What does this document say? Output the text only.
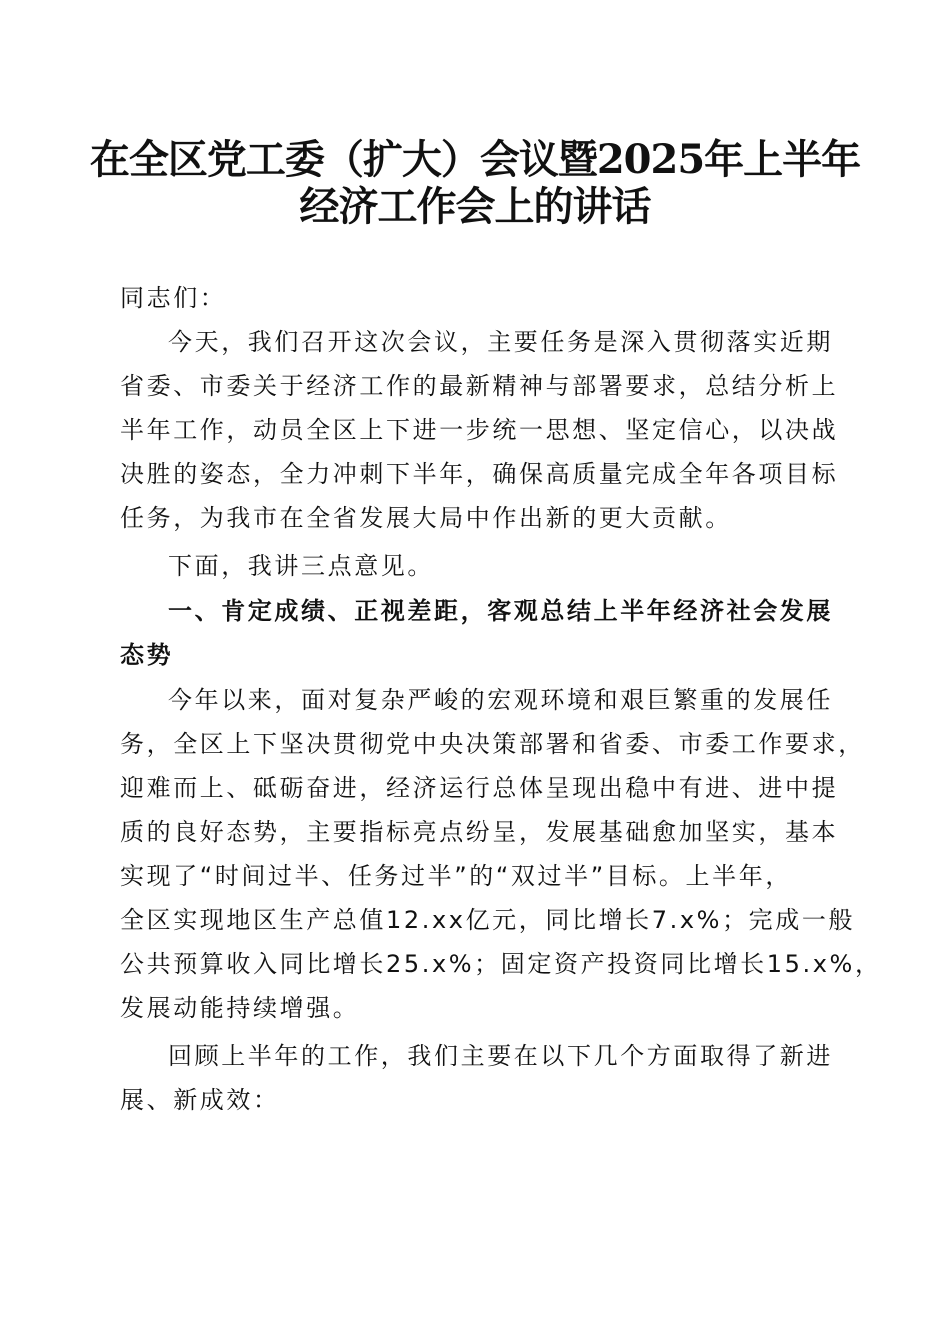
在全区党工委（扩大）会议暨2025年上半年
经济工作会上的讲话
同志们：
今天，我们召开这次会议，主要任务是深入贯彻落实近期
省委、市委关于经济工作的最新精神与部署要求，总结分析上
半年工作，动员全区上下进一步统一思想、坚定信心，以决战
决胜的姿态，全力冲刺下半年，确保高质量完成全年各项目标
任务，为我市在全省发展大局中作出新的更大贡献。
下面，我讲三点意见。
一、肯定成绩、正视差距，客观总结上半年经济社会发展
态势
今年以来，面对复杂严峻的宏观环境和艰巨繁重的发展任
务，全区上下坚决贯彻党中央决策部署和省委、市委工作要求，
迎难而上、砥砺奋进，经济运行总体呈现出稳中有进、进中提
质的良好态势，主要指标亮点纷呈，发展基础愈加坚实，基本
实现了“时间过半、任务过半”的“双过半”目标。上半年，
全区实现地区生产总值12.xx亿元，同比增长7.x%；完成一般
公共预算收入同比增长25.x%；固定资产投资同比增长15.x%，
发展动能持续增强。
回顾上半年的工作，我们主要在以下几个方面取得了新进
展、新成效：
